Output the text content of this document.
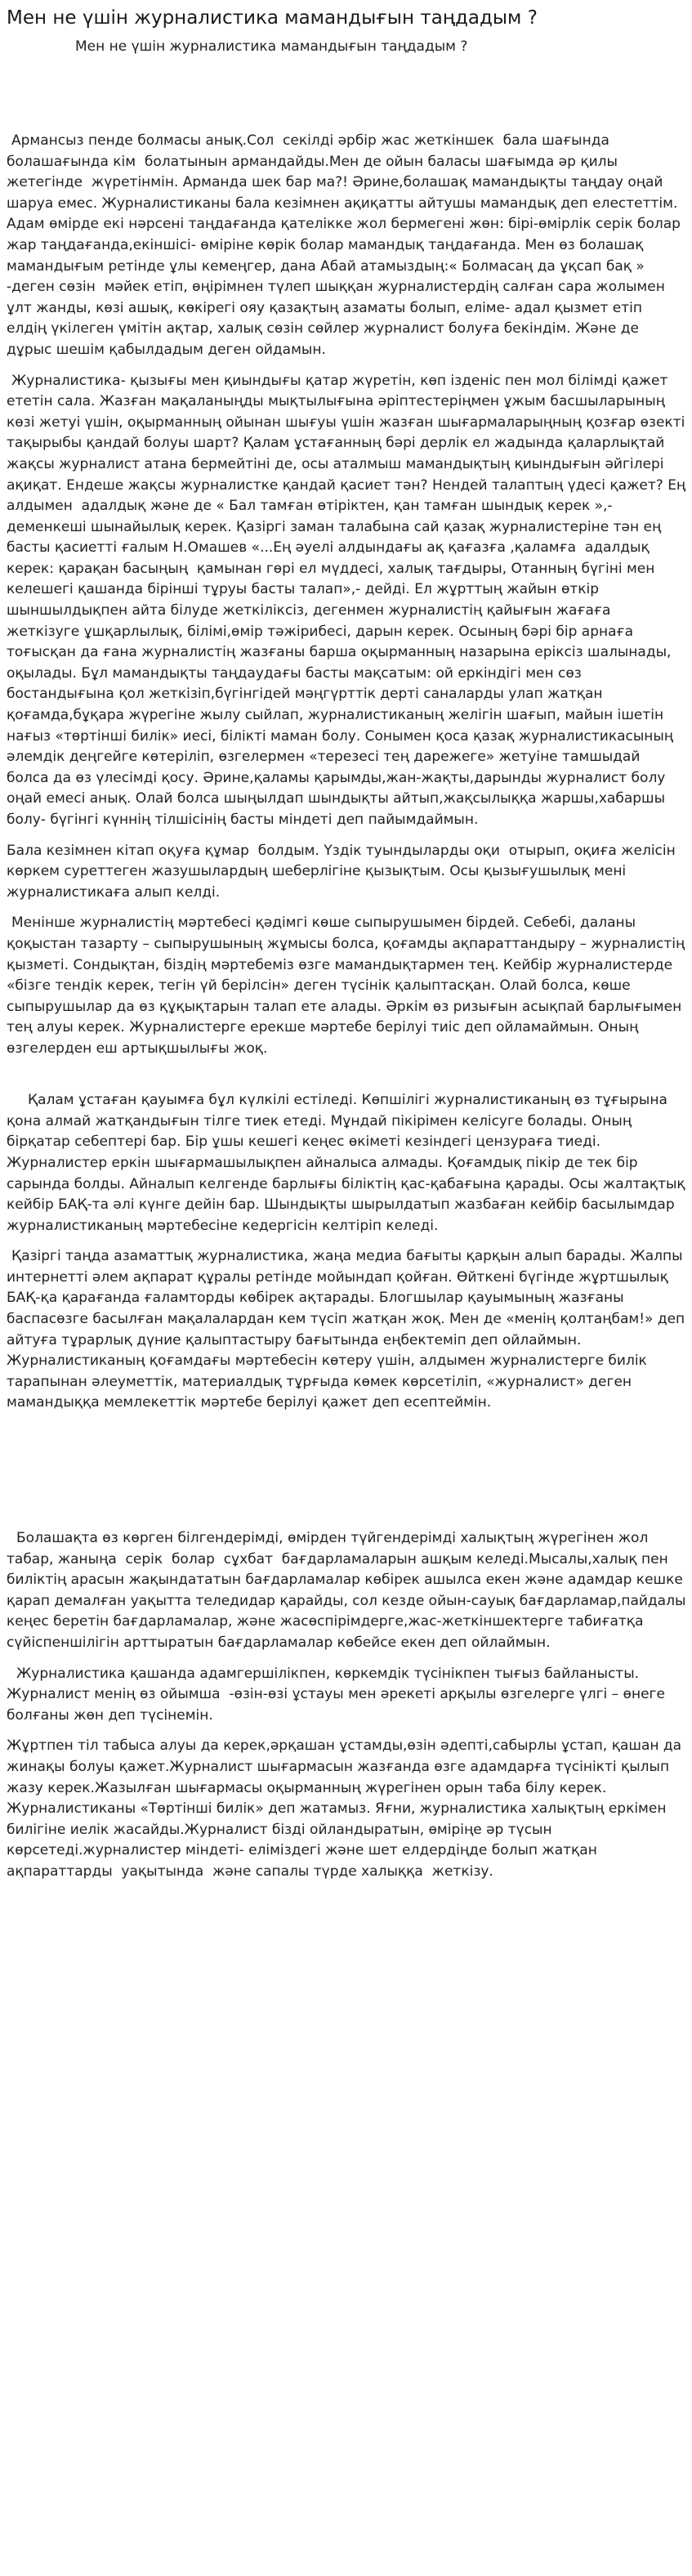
Мен не үшін журналистика мамандығын таңдадым ?
Мен не үшін журналистика мамандығын таңдадым ?

Армансыз пенде болмасы анық.Сол  секілді әрбір жас жеткіншек  бала шағында болашағында кім  болатынын армандайды.Мен де ойын баласы шағымда әр қилы жетегінде  жүретінмін. Арманда шек бар ма?! Әрине,болашақ мамандықты таңдау оңай шаруа емес. Журналистиканы бала кезімнен ақиқатты айтушы мамандық деп елестеттім.   Адам өмірде екі нәрсені таңдағанда қателікке жол бермегені жөн: бірі-өмірлік серік болар жар таңдағанда,екіншісі- өміріне көрік болар мамандық таңдағанда. Мен өз болашақ мамандығым ретінде ұлы кемеңгер, дана Абай атамыздың:« Болмасаң да ұқсап бақ » -деген сөзін  мәйек етіп, өңірімнен түлеп шыққан журналистердің салған сара жолымен ұлт жанды, көзі ашық, көкірегі ояу қазақтың азаматы болып, еліме- адал қызмет етіп елдің үкілеген үмітін ақтар, халық сөзін сөйлер журналист болуға бекіндім. Және де дұрыс шешім қабылдадым деген ойдамын.

Журналистика- қызығы мен қиындығы қатар жүретін, көп ізденіс пен мол білімді қажет ететін сала. Жазған мақаланыңды мықтылығына әріптестеріңмен ұжым басшыларының көзі жетуі үшін, оқырманның ойынан шығуы үшін жазған шығармаларыңның қозғар өзекті тақырыбы қандай болуы шарт? Қалам ұстағанның бәрі дерлік ел жадында қаларлықтай жақсы журналист атана бермейтіні де, осы аталмыш мамандықтың қиындығын әйгілері ақиқат. Ендеше жақсы журналистке қандай қасиет тән? Нендей талаптың үдесі қажет? Ең алдымен  адалдық және де « Бал тамған өтіріктен, қан тамған шындық керек »,- деменкеші шынайылық керек. Қазіргі заман талабына сай қазақ журналистеріне тән ең басты қасиетті ғалым Н.Омашев «...Ең әуелі алдындағы ақ қағазға ,қаламға  адалдық керек: қарақан басыңың  қамынан гөрі ел мүддесі, халық тағдыры, Отанның бүгіні мен келешегі қашанда бірінші тұруы басты талап»,- дейді. Ел жұрттың жайын өткір шыншылдықпен айта білуде жеткіліксіз, дегенмен журналистің қайығын жағаға жеткізуге ұшқарлылық, білімі,өмір тәжірибесі, дарын керек. Осының бәрі бір арнаға тоғысқан да ғана журналистің жазғаны барша оқырманның назарына еріксіз шалынады, оқылады. Бұл мамандықты таңдаудағы басты мақсатым: ой еркіндігі мен сөз бостандығына қол жеткізіп,бүгінгідей мәңгүрттік дерті саналарды улап жатқан қоғамда,бұқара жүрегіне жылу сыйлап, журналистиканың желігін шағып, майын ішетін нағыз «төртінші билік» иесі, біліктi маман болу. Сонымен қоса қазақ журналистикасының әлемдік деңгейге көтеріліп, өзгелермен «терезесі тең дарежеге» жетуіне тамшыдай болса да өз үлесімді қосу. Әрине,қаламы қарымды,жан-жақты,дарынды журналист болу оңай емесі анық. Олай болса шыңылдап шындықты айтып,жақсылыққа жаршы,хабаршы болу- бүгінгі күннің тілшісінің басты міндеті деп пайымдаймын.

Бала кезімнен кітап оқуға құмар  болдым. Үздік туындыларды оқи  отырып, оқиға желісін көркем суреттеген жазушылардың шеберлігіне қызықтым. Осы қызығушылық мені журналистикаға алып келді.

Менінше журналистің мәртебесі қәдімгі көше сыпырушымен бірдей. Себебі, даланы қоқыстан тазарту – сыпырушының жұмысы болса, қоғамды ақпараттандыру – журналистің қызметі. Сондықтан, біздің мәртебеміз өзге мамандықтармен тең. Кейбір журналистерде «бізге тендік керек, тегін үй берілсін» деген түсінік қалыптасқан. Олай болса, көше сыпырушылар да өз құқықтарын талап ете алады. Әркім өз ризығын асықпай барлығымен тең алуы керек. Журналистерге ерекше мәртебе берілуі тиіс деп ойламаймын. Оның өзгелерден еш артықшылығы жоқ.

Қалам ұстаған қауымға бұл күлкілі естіледі. Көпшілігі журналистиканың өз тұғырына қона алмай жатқандығын тілге тиек етеді. Мұндай пікірімен келісуге болады. Оның бірқатар себептері бар. Бір ұшы кешегі кеңес өкіметі кезіндегі цензураға тиеді. Журналистер еркін шығармашылықпен айналыса алмады. Қоғамдық пікір де тек бір сарында болды. Айналып келгенде барлығы біліктің қас-қабағына қарады. Осы жалтақтық кейбір БАҚ-та әлі күнге дейін бар. Шындықты шырылдатып жазбаған кейбір басылымдар журналистиканың мәртебесіне кедергісін келтіріп келеді.

Қазіргі таңда азаматтық журналистика, жаңа медиа бағыты қарқын алып барады. Жалпы интернетті әлем ақпарат құралы ретінде мойындап қойған. Өйткені бүгінде жұртшылық БАҚ-қа қарағанда ғаламторды көбірек ақтарады. Блогшылар қауымының жазғаны баспасөзге басылған мақалалардан кем түсіп жатқан жоқ. Мен де «менің қолтаңбам!» деп айтуға тұрарлық дүние қалыптастыру бағытында еңбектеміп деп ойлаймын.       Журналистиканың қоғамдағы мәртебесін көтеру үшін, алдымен журналистерге билік тарапынан әлеуметтік, материалдық тұрғыда көмек көрсетіліп, «журналист» деген мамандыққа мемлекеттік мәртебе берілуі қажет деп есептеймін.

Болашақта өз көрген білгендерімді, өмірден түйгендерімді халықтың жүрегінен жол табар, жаныңа  серік  болар  сұхбат  бағдарламаларын ашқым келеді.Мысалы,халық пен биліктің арасын жақындататын бағдарламалар көбірек ашылса екен және адамдар кешке қарап демалған уақытта теледидар қарайды, сол кезде ойын-сауық бағдарламар,пайдалы кеңес беретін бағдарламалар, және жасөспірімдерге,жас-жеткіншектерге табиғатқа сүйіспеншілігін арттыратын бағдарламалар көбейсе екен деп ойлаймын.

Журналистика қашанда адамгершілікпен, көркемдік түсінікпен тығыз байланысты. Журналист менің өз ойымша  -өзін-өзі ұстауы мен әрекеті арқылы өзгелерге үлгі – өнеге болғаны жөн деп түсінемін.

Жұртпен тіл табыса алуы да керек,әрқашан ұстамды,өзін әдепті,сабырлы ұстап, қашан да жинақы болуы қажет.Журналист шығармасын жазғанда өзге адамдарға түсінікті қылып жазу керек.Жазылған шығармасы оқырманның жүрегінен орын таба білу керек. Журналистиканы «Төртінші билік» деп жатамыз. Яғни, журналистика халықтың еркімен билігіне иелік жасайды.Журналист бізді ойландыратын, өміріңе әр түсын көрсетеді.журналистер міндеті- еліміздегі және шет елдердіңде болып жатқан ақпараттарды  уақытында  және сапалы түрде халыққа  жеткізу.
